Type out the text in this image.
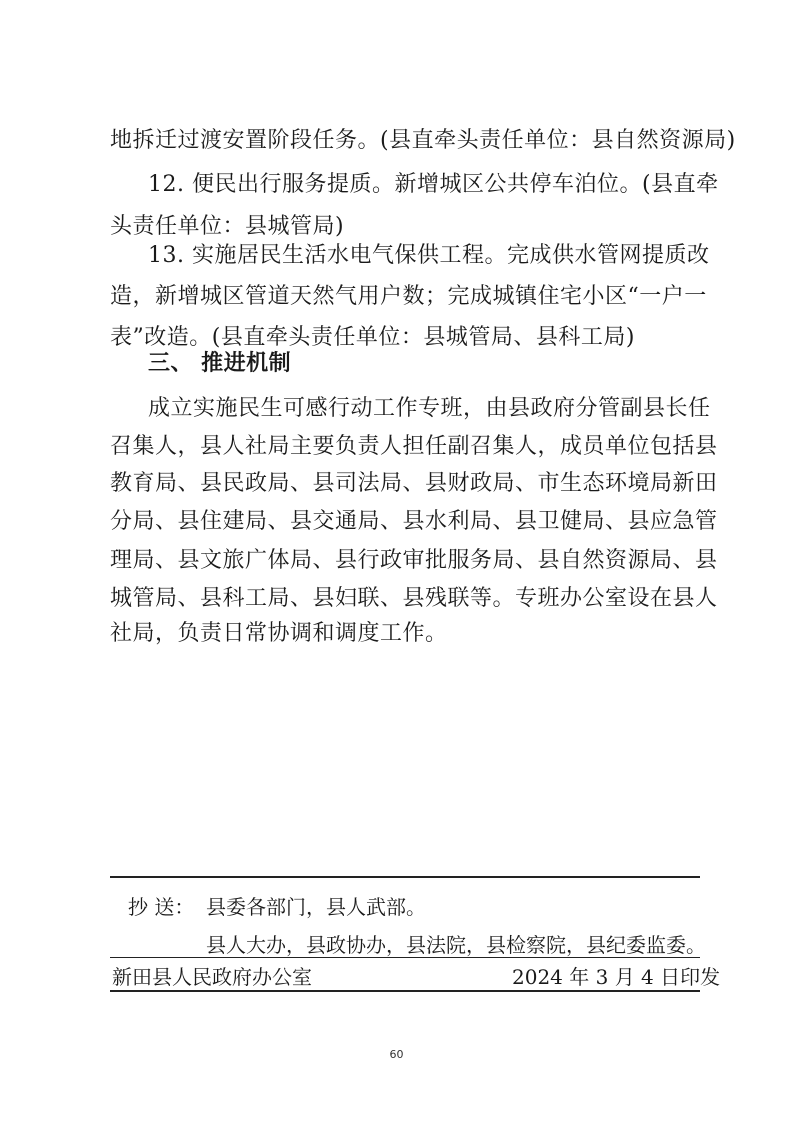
地拆迁过渡安置阶段任务。(县直牵头责任单位：县自然资源局)
12. 便民出行服务提质。新增城区公共停车泊位。(县直牵
头责任单位：县城管局)
13. 实施居民生活水电气保供工程。完成供水管网提质改
造，新增城区管道天然气用户数；完成城镇住宅小区“一户一
表”改造。(县直牵头责任单位：县城管局、县科工局)
三、 推进机制
成立实施民生可感行动工作专班，由县政府分管副县长任
召集人，县人社局主要负责人担任副召集人，成员单位包括县
教育局、县民政局、县司法局、县财政局、市生态环境局新田
分局、县住建局、县交通局、县水利局、县卫健局、县应急管
理局、县文旅广体局、县行政审批服务局、县自然资源局、县
城管局、县科工局、县妇联、县残联等。专班办公室设在县人
社局，负责日常协调和调度工作。
抄 送： 县委各部门，县人武部。
县人大办，县政协办，县法院，县检察院，县纪委监委。
新田县人民政府办公室	2024 年 3 月 4 日印发
60
